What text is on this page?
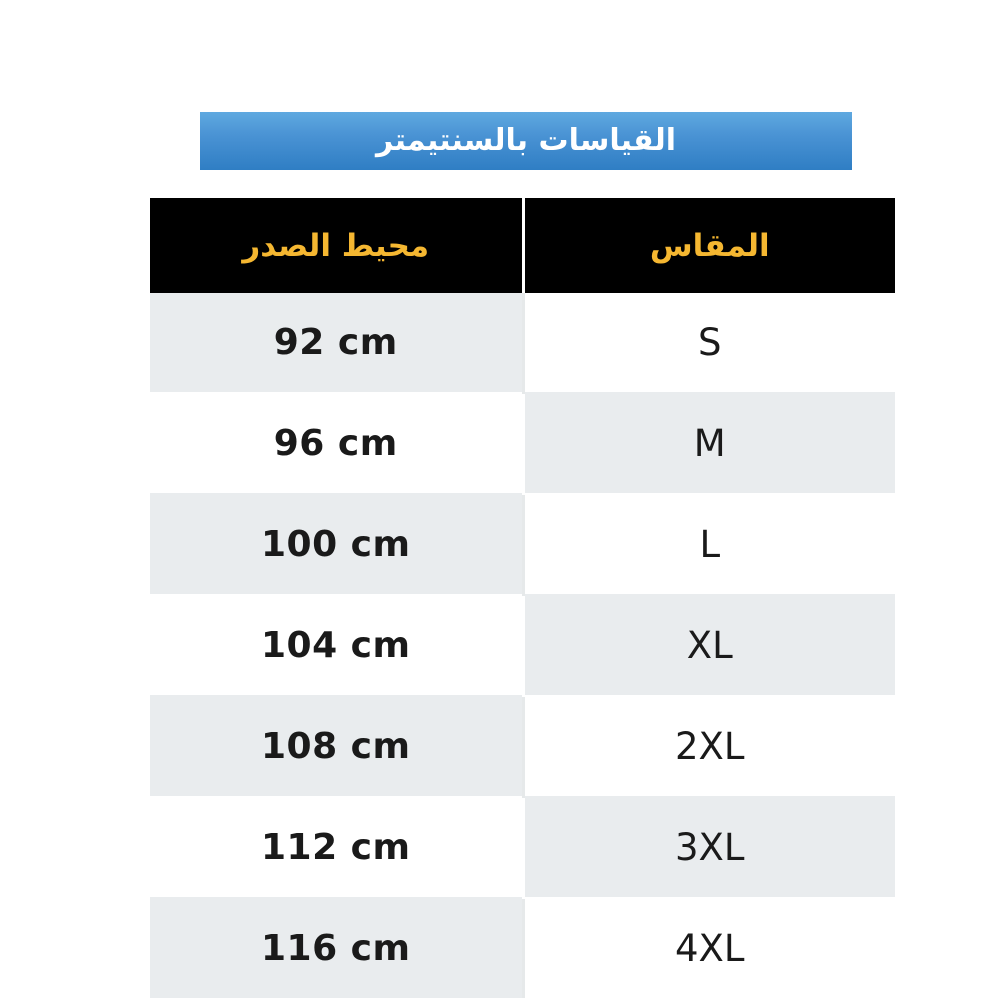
القياسات بالسنتيمتر
المقاس	محيط الصدر
S	92 cm
M	96 cm
L	100 cm
XL	104 cm
2XL	108 cm
3XL	112 cm
4XL	116 cm
